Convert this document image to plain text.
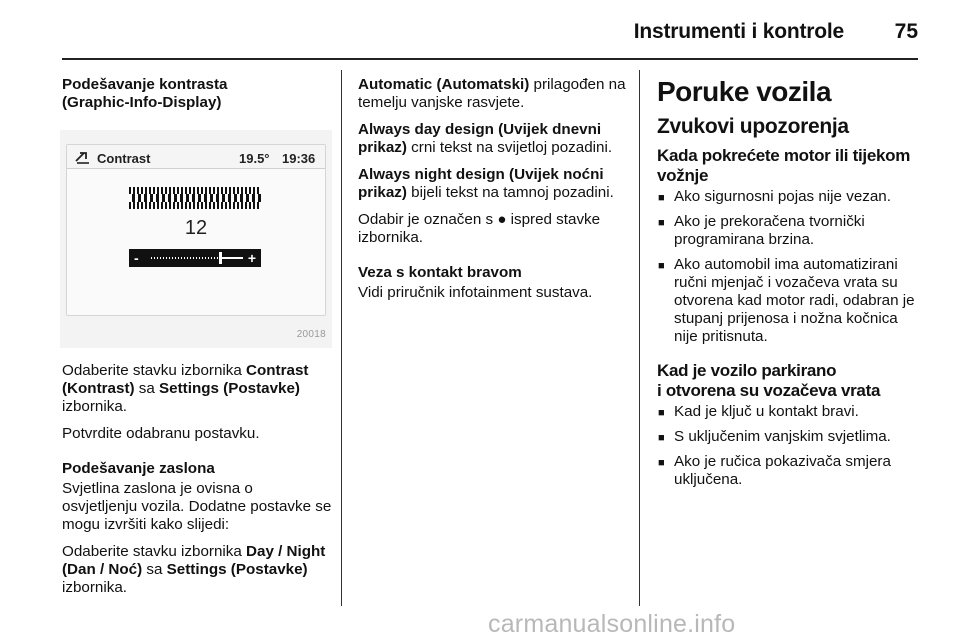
Instrumenti i kontrole 75

Podešavanje kontrasta
(Graphic-Info-Display)

Contrast	19.5° 19:36
12
-	+
20018

Odaberite stavku izbornika Contrast (Kontrast) sa Settings (Postavke) izbornika.

Potvrdite odabranu postavku.

Podešavanje zaslona

Svjetlina zaslona je ovisna o osvjetljenju vozila. Dodatne postavke se mogu izvršiti kako slijedi:

Odaberite stavku izbornika Day / Night (Dan / Noć) sa Settings (Postavke) izbornika.

Automatic (Automatski) prilagođen na temelju vanjske rasvjete.

Always day design (Uvijek dnevni prikaz) crni tekst na svijetloj pozadini.

Always night design (Uvijek noćni prikaz) bijeli tekst na tamnoj pozadini.

Odabir je označen s ● ispred stavke izbornika.

Veza s kontakt bravom

Vidi priručnik infotainment sustava.

Poruke vozila
Zvukovi upozorenja
Kada pokrećete motor ili tijekom vožnje
■ Ako sigurnosni pojas nije vezan.
■ Ako je prekoračena tvornički programirana brzina.
■ Ako automobil ima automatizirani ručni mjenjač i vozačeva vrata su otvorena kad motor radi, odabran je stupanj prijenosa i nožna kočnica nije pritisnuta.
Kad je vozilo parkirano
i otvorena su vozačeva vrata
■ Kad je ključ u kontakt bravi.
■ S uključenim vanjskim svjetlima.
■ Ako je ručica pokazivača smjera uključena.
carmanualsonline.info
